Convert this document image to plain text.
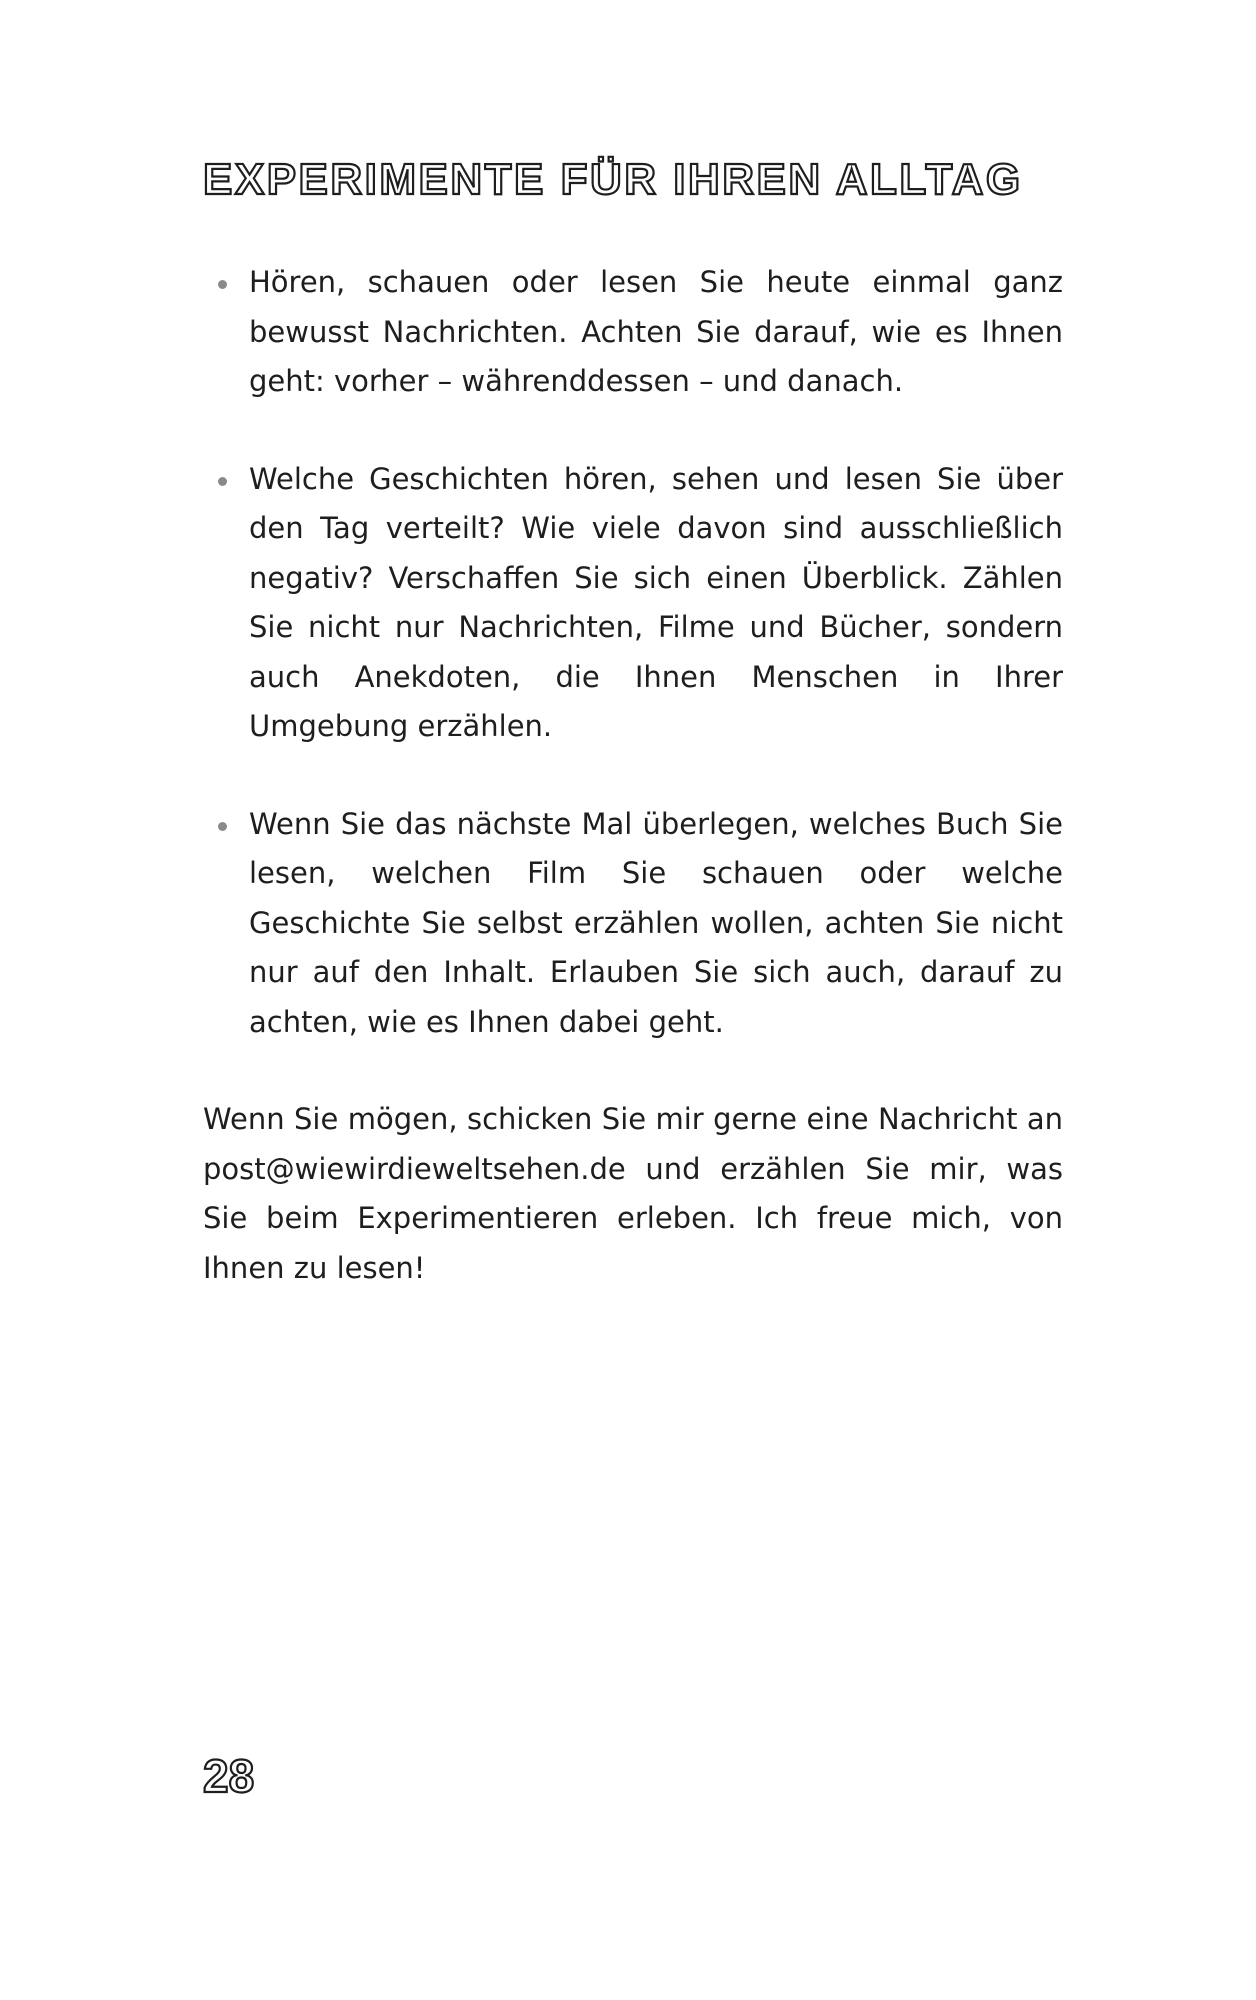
EXPERIMENTE FÜR IHREN ALLTAG

Hören, schauen oder lesen Sie heute einmal ganz bewusst Nachrichten. Achten Sie darauf, wie es Ihnen geht: vorher – währenddessen – und danach.

Welche Geschichten hören, sehen und lesen Sie über den Tag verteilt? Wie viele davon sind ausschließlich negativ? Verschaffen Sie sich einen Überblick. Zählen Sie nicht nur Nachrichten, Filme und Bücher, sondern auch Anekdoten, die Ihnen Menschen in Ihrer Umgebung erzählen.

Wenn Sie das nächste Mal überlegen, welches Buch Sie lesen, welchen Film Sie schauen oder welche Geschichte Sie selbst erzählen wollen, achten Sie nicht nur auf den Inhalt. Erlauben Sie sich auch, darauf zu achten, wie es Ihnen dabei geht.

Wenn Sie mögen, schicken Sie mir gerne eine Nachricht an post@wiewirdieweltsehen.de und erzählen Sie mir, was Sie beim Experimentieren erleben. Ich freue mich, von Ihnen zu lesen!

28
